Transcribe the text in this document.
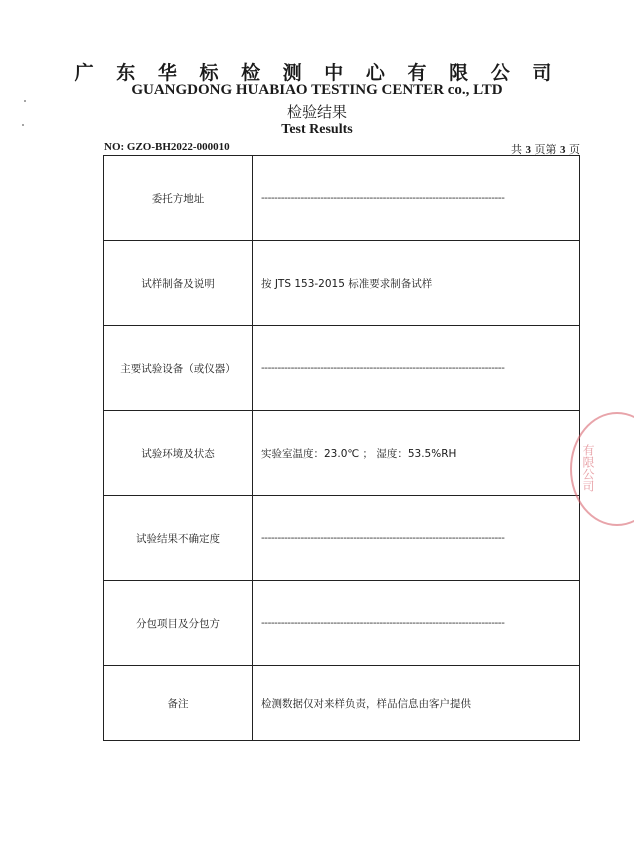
广 东 华 标 检 测 中 心 有 限 公 司
GUANGDONG HUABIAO TESTING CENTER co., LTD
检验结果
Test Results
NO: GZO-BH2022-000010	共 3 页第 3 页
委托方地址	--------------------------------------------------------------------------
试样制备及说明	按 JTS 153-2015 标准要求制备试样
主要试验设备（或仪器）	--------------------------------------------------------------------------
试验环境及状态	实验室温度：23.0℃ ； 湿度：53.5%RH
试验结果不确定度	--------------------------------------------------------------------------
分包项目及分包方	--------------------------------------------------------------------------
备注	检测数据仅对来样负责，样品信息由客户提供
有限公司
